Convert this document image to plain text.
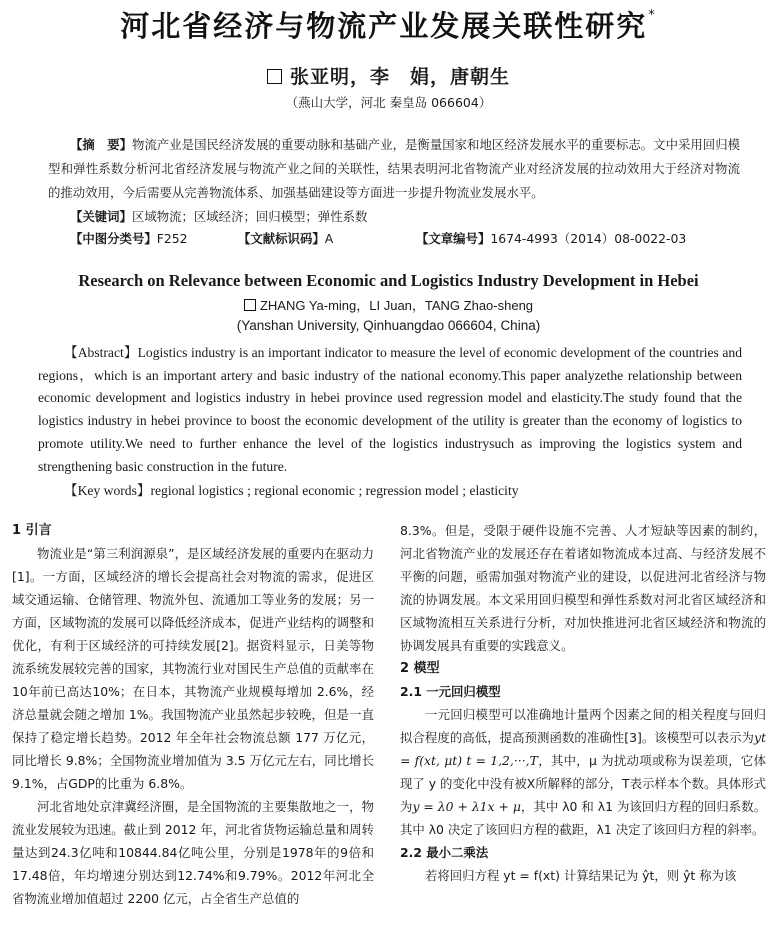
河北省经济与物流产业发展关联性研究*
张亚明，李　娟，唐朝生
（燕山大学，河北 秦皇岛 066604）
【摘　要】物流产业是国民经济发展的重要动脉和基础产业，是衡量国家和地区经济发展水平的重要标志。文中采用回归模型和弹性系数分析河北省经济发展与物流产业之间的关联性，结果表明河北省物流产业对经济发展的拉动效用大于经济对物流的推动效用，今后需要从完善物流体系、加强基础建设等方面进一步提升物流业发展水平。
【关键词】区域物流；区域经济；回归模型；弹性系数
【中图分类号】F252	【文献标识码】A	【文章编号】1674-4993（2014）08-0022-03
Research on Relevance between Economic and Logistics Industry Development in Hebei
ZHANG Ya-ming，LI Juan，TANG Zhao-sheng
(Yanshan University, Qinhuangdao 066604, China)

【Abstract】Logistics industry is an important indicator to measure the level of economic development of the countries and regions，which is an important artery and basic industry of the national economy.This paper analyzethe relationship between economic development and logistics industry in hebei province used regression model and elasticity.The study found that the logistics industry in hebei province to boost the economic development of the utility is greater than the economy of logistics to promote utility.We need to further enhance the level of the logistics industrysuch as improving the logistics system and strengthening basic construction in the future.

【Key words】regional logistics ; regional economic ; regression model ; elasticity

1 引言

物流业是“第三利润源泉”，是区域经济发展的重要内在驱动力[1]。一方面，区域经济的增长会提高社会对物流的需求，促进区域交通运输、仓储管理、物流外包、流通加工等业务的发展；另一方面，区域物流的发展可以降低经济成本，促进产业结构的调整和优化，有利于区域经济的可持续发展[2]。据资料显示，日美等物流系统发展较完善的国家，其物流行业对国民生产总值的贡献率在10年前已高达10%；在日本，其物流产业规模每增加 2.6%，经济总量就会随之增加 1%。我国物流产业虽然起步较晚，但是一直保持了稳定增长趋势。2012 年全年社会物流总额 177 万亿元，同比增长 9.8%；全国物流业增加值为 3.5 万亿元左右，同比增长 9.1%，占GDP的比重为 6.8%。

河北省地处京津冀经济圈，是全国物流的主要集散地之一，物流业发展较为迅速。截止到 2012 年，河北省货物运输总量和周转量达到24.3亿吨和10844.84亿吨公里，分别是1978年的9倍和17.48倍，年均增速分别达到12.74%和9.79%。2012年河北全省物流业增加值超过 2200 亿元，占全省生产总值的

8.3%。但是，受限于硬件设施不完善、人才短缺等因素的制约，河北省物流产业的发展还存在着诸如物流成本过高、与经济发展不平衡的问题，亟需加强对物流产业的建设，以促进河北省经济与物流的协调发展。本文采用回归模型和弹性系数对河北省区域经济和区域物流相互关系进行分析，对加快推进河北省区域经济和物流的协调发展具有重要的实践意义。

2 模型

2.1 一元回归模型

一元回归模型可以准确地计量两个因素之间的相关程度与回归拟合程度的高低，提高预测函数的准确性[3]。该模型可以表示为yt = f(xt, μt) t = 1,2,···,T，其中，μ 为扰动项或称为误差项，它体现了 y 的变化中没有被X所解释的部分，T表示样本个数。具体形式为y = λ0 + λ1x + μ，其中 λ0 和 λ1 为该回归方程的回归系数。其中 λ0 决定了该回归方程的截距，λ1 决定了该回归方程的斜率。

2.2 最小二乘法

若将回归方程 yt = f(xt) 计算结果记为 ŷt，则 ŷt 称为该
